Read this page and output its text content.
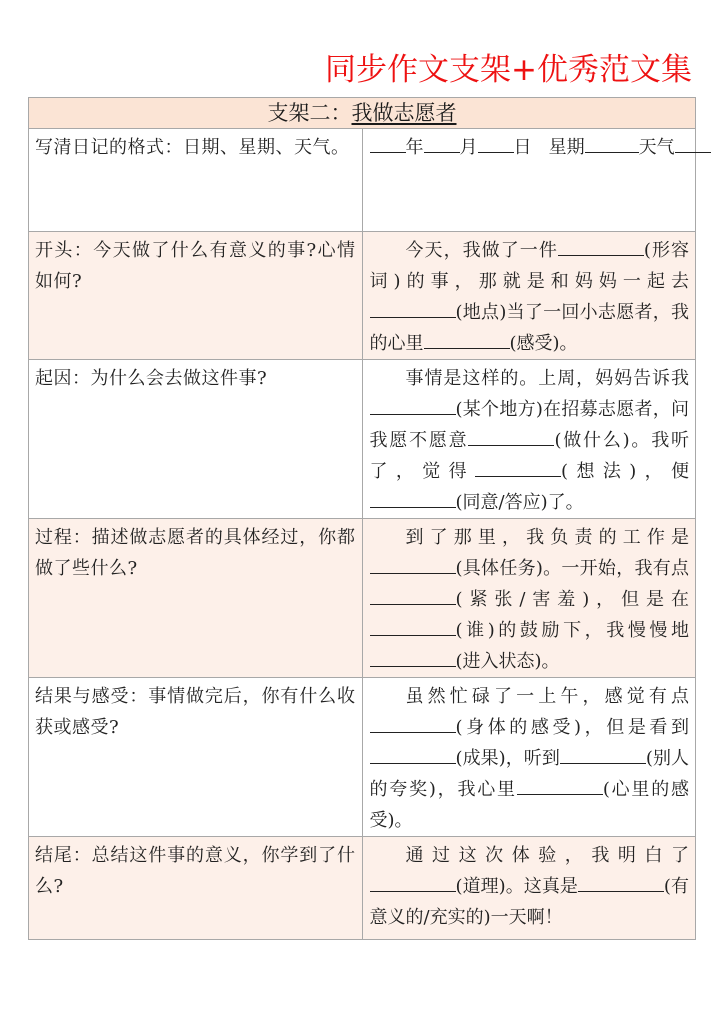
同步作文支架+优秀范文集
支架二：我做志愿者	
写清日记的格式：日期、星期、天气。	年 月 日 星期 天气

开头：今天做了什么有意义的事?心情如何?	今天，我做了一件 (形容词)的事，那就是和妈妈一起去(地点)当了一回小志愿者，我的心里 (感受)。

起因：为什么会去做这件事?	事情是这样的。上周，妈妈告诉我(某个地方)在招募志愿者，问我愿不愿意 (做什么)。我听了，觉得 (想法)，便(同意/答应)了。

过程：描述做志愿者的具体经过，你都做了些什么?	到了那里，我负责的工作是(具体任务)。一开始，我有点(紧张/害羞)，但是在(谁)的鼓励下，我慢慢地(进入状态)。

结果与感受：事情做完后，你有什么收获或感受?	虽然忙碌了一上午，感觉有点(身体的感受)，但是看到(成果)，听到 (别人的夸奖)，我心里 (心里的感受)。

结尾：总结这件事的意义，你学到了什么?	通过这次体验，我明白了(道理)。这真是 (有意义的/充实的)一天啊！
